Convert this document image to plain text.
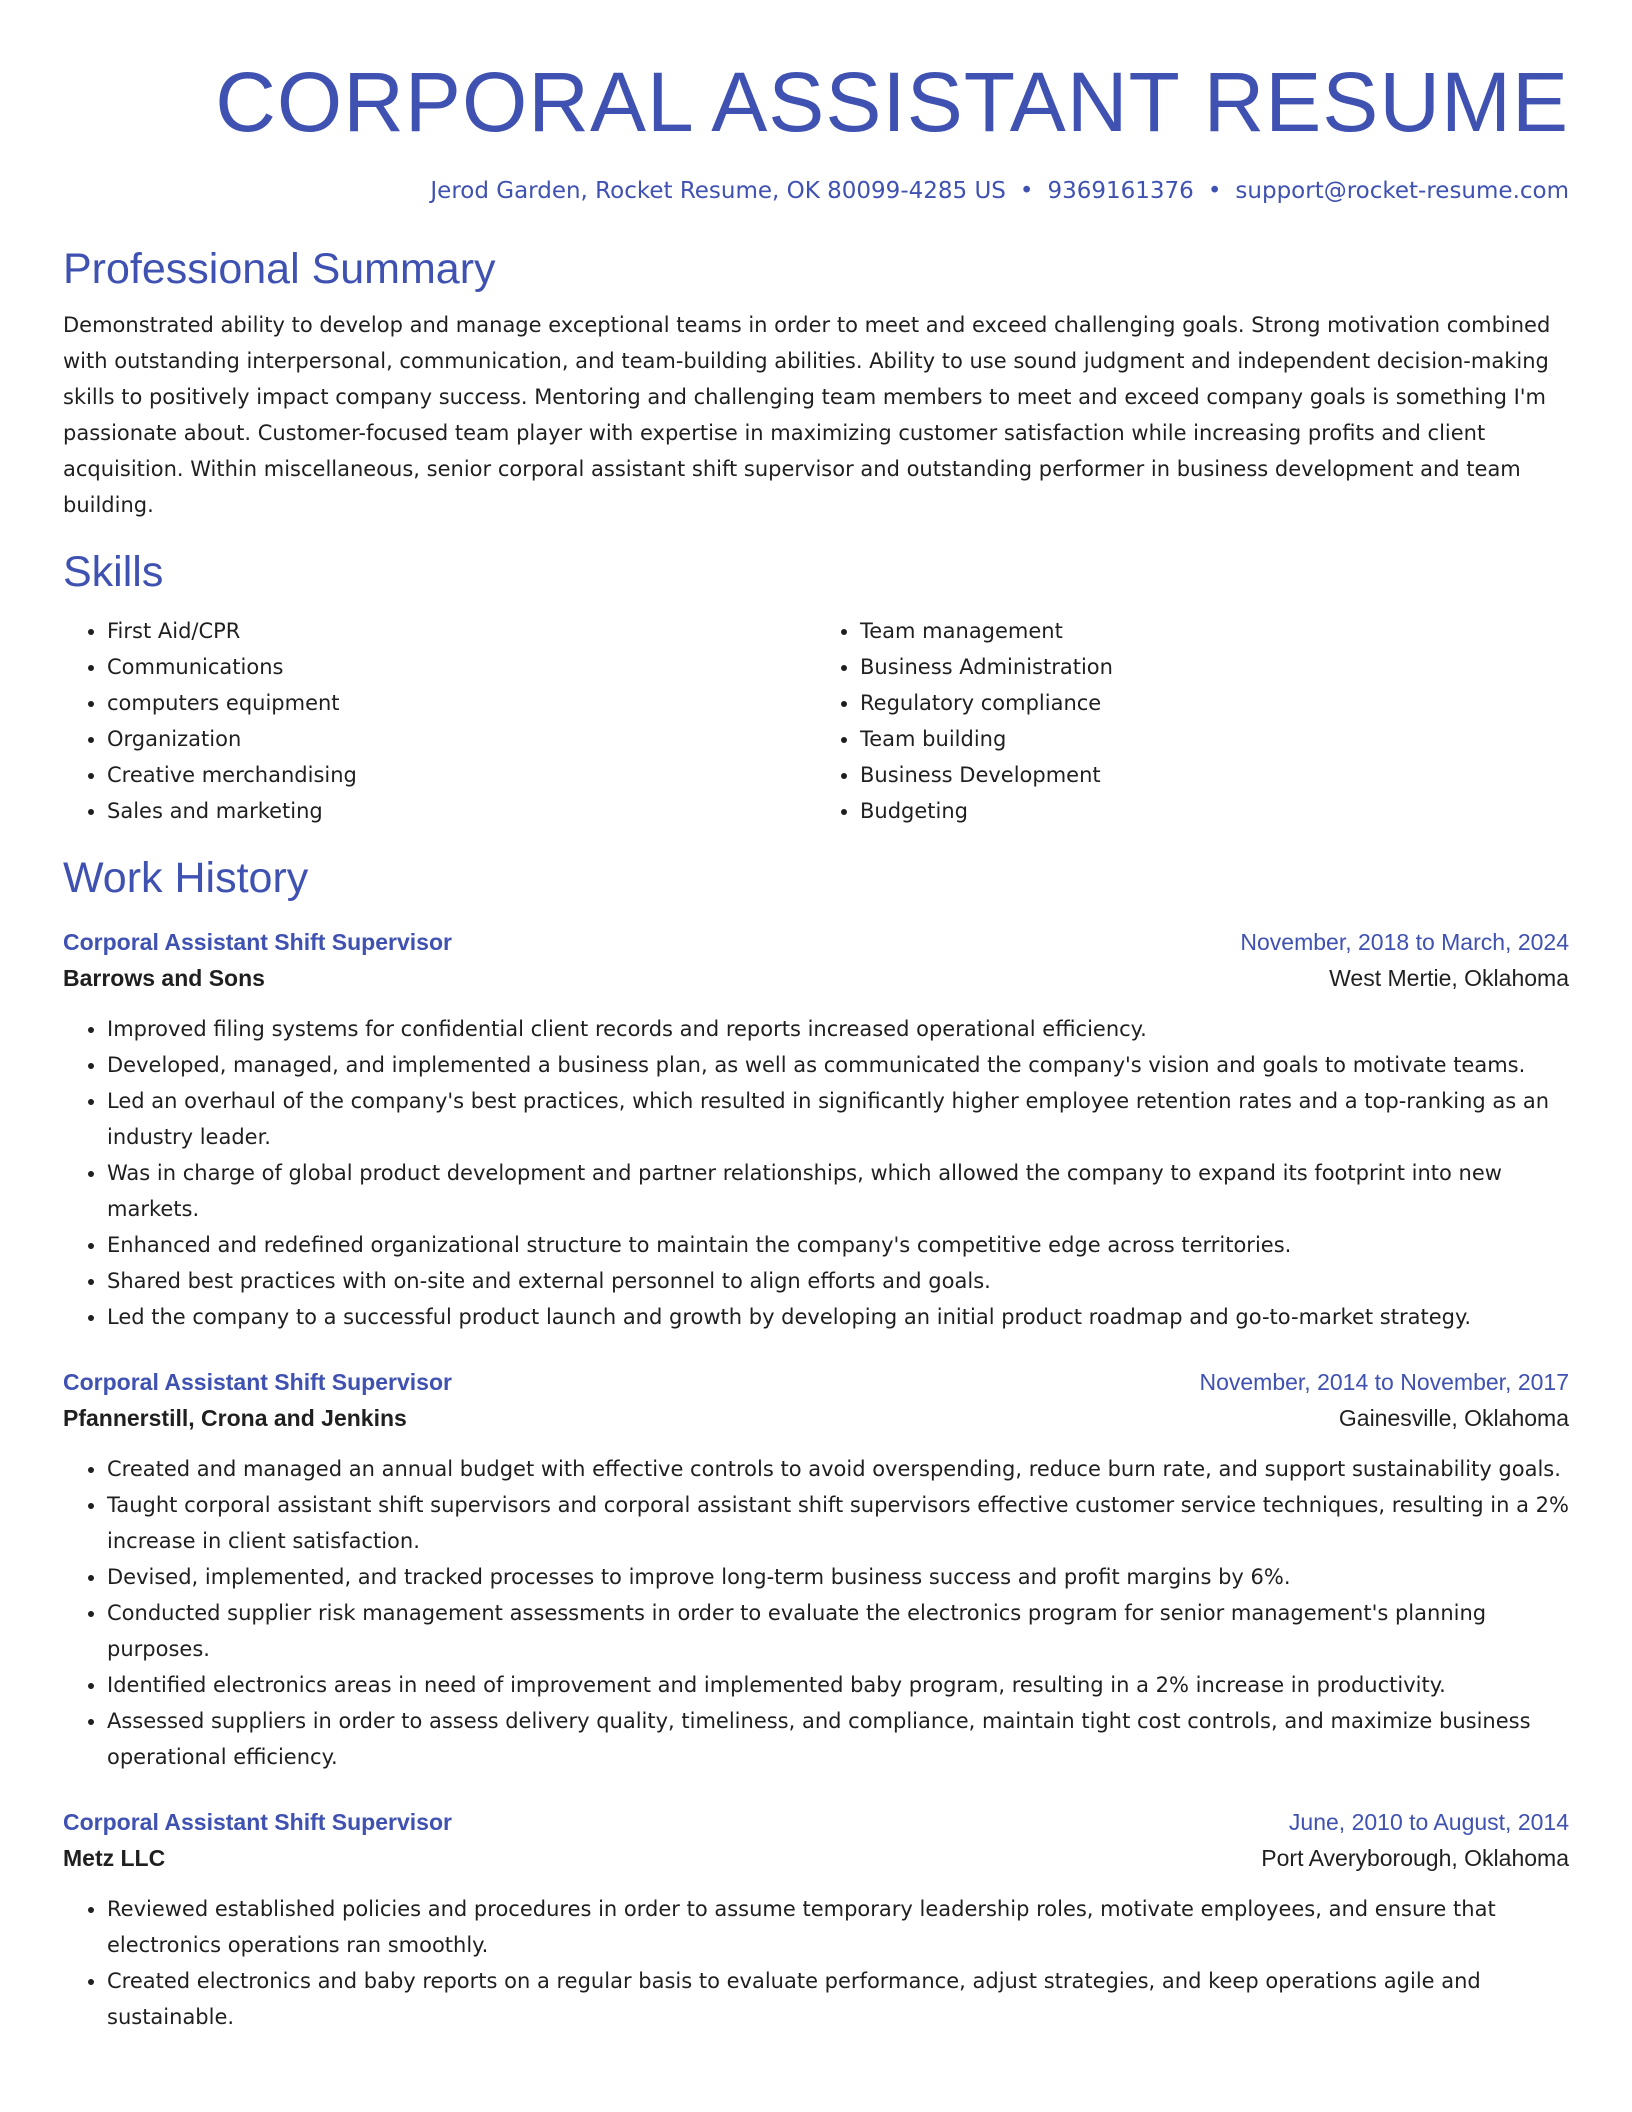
CORPORAL ASSISTANT RESUME
Jerod Garden, Rocket Resume, OK 80099-4285 US • 9369161376 • support@rocket-resume.com
Professional Summary

Demonstrated ability to develop and manage exceptional teams in order to meet and exceed challenging goals. Strong motivation combined with outstanding interpersonal, communication, and team-building abilities. Ability to use sound judgment and independent decision-making skills to positively impact company success. Mentoring and challenging team members to meet and exceed company goals is something I'm passionate about. Customer-focused team player with expertise in maximizing customer satisfaction while increasing profits and client acquisition. Within miscellaneous, senior corporal assistant shift supervisor and outstanding performer in business development and team building.

Skills
• First Aid/CPR
• Communications
• computers equipment
• Organization
• Creative merchandising
• Sales and marketing
• Team management
• Business Administration
• Regulatory compliance
• Team building
• Business Development
• Budgeting
Work History
Corporal Assistant Shift Supervisor	November, 2018 to March, 2024
Barrows and Sons	West Mertie, Oklahoma
• Improved filing systems for confidential client records and reports increased operational efficiency.
• Developed, managed, and implemented a business plan, as well as communicated the company's vision and goals to motivate teams.
• Led an overhaul of the company's best practices, which resulted in significantly higher employee retention rates and a top-ranking as an industry leader.
• Was in charge of global product development and partner relationships, which allowed the company to expand its footprint into new markets.
• Enhanced and redefined organizational structure to maintain the company's competitive edge across territories.
• Shared best practices with on-site and external personnel to align efforts and goals.
• Led the company to a successful product launch and growth by developing an initial product roadmap and go-to-market strategy.
Corporal Assistant Shift Supervisor	November, 2014 to November, 2017
Pfannerstill, Crona and Jenkins	Gainesville, Oklahoma
• Created and managed an annual budget with effective controls to avoid overspending, reduce burn rate, and support sustainability goals.
• Taught corporal assistant shift supervisors and corporal assistant shift supervisors effective customer service techniques, resulting in a 2% increase in client satisfaction.
• Devised, implemented, and tracked processes to improve long-term business success and profit margins by 6%.
• Conducted supplier risk management assessments in order to evaluate the electronics program for senior management's planning purposes.
• Identified electronics areas in need of improvement and implemented baby program, resulting in a 2% increase in productivity.
• Assessed suppliers in order to assess delivery quality, timeliness, and compliance, maintain tight cost controls, and maximize business operational efficiency.
Corporal Assistant Shift Supervisor	June, 2010 to August, 2014
Metz LLC	Port Averyborough, Oklahoma
• Reviewed established policies and procedures in order to assume temporary leadership roles, motivate employees, and ensure that electronics operations ran smoothly.
• Created electronics and baby reports on a regular basis to evaluate performance, adjust strategies, and keep operations agile and sustainable.
